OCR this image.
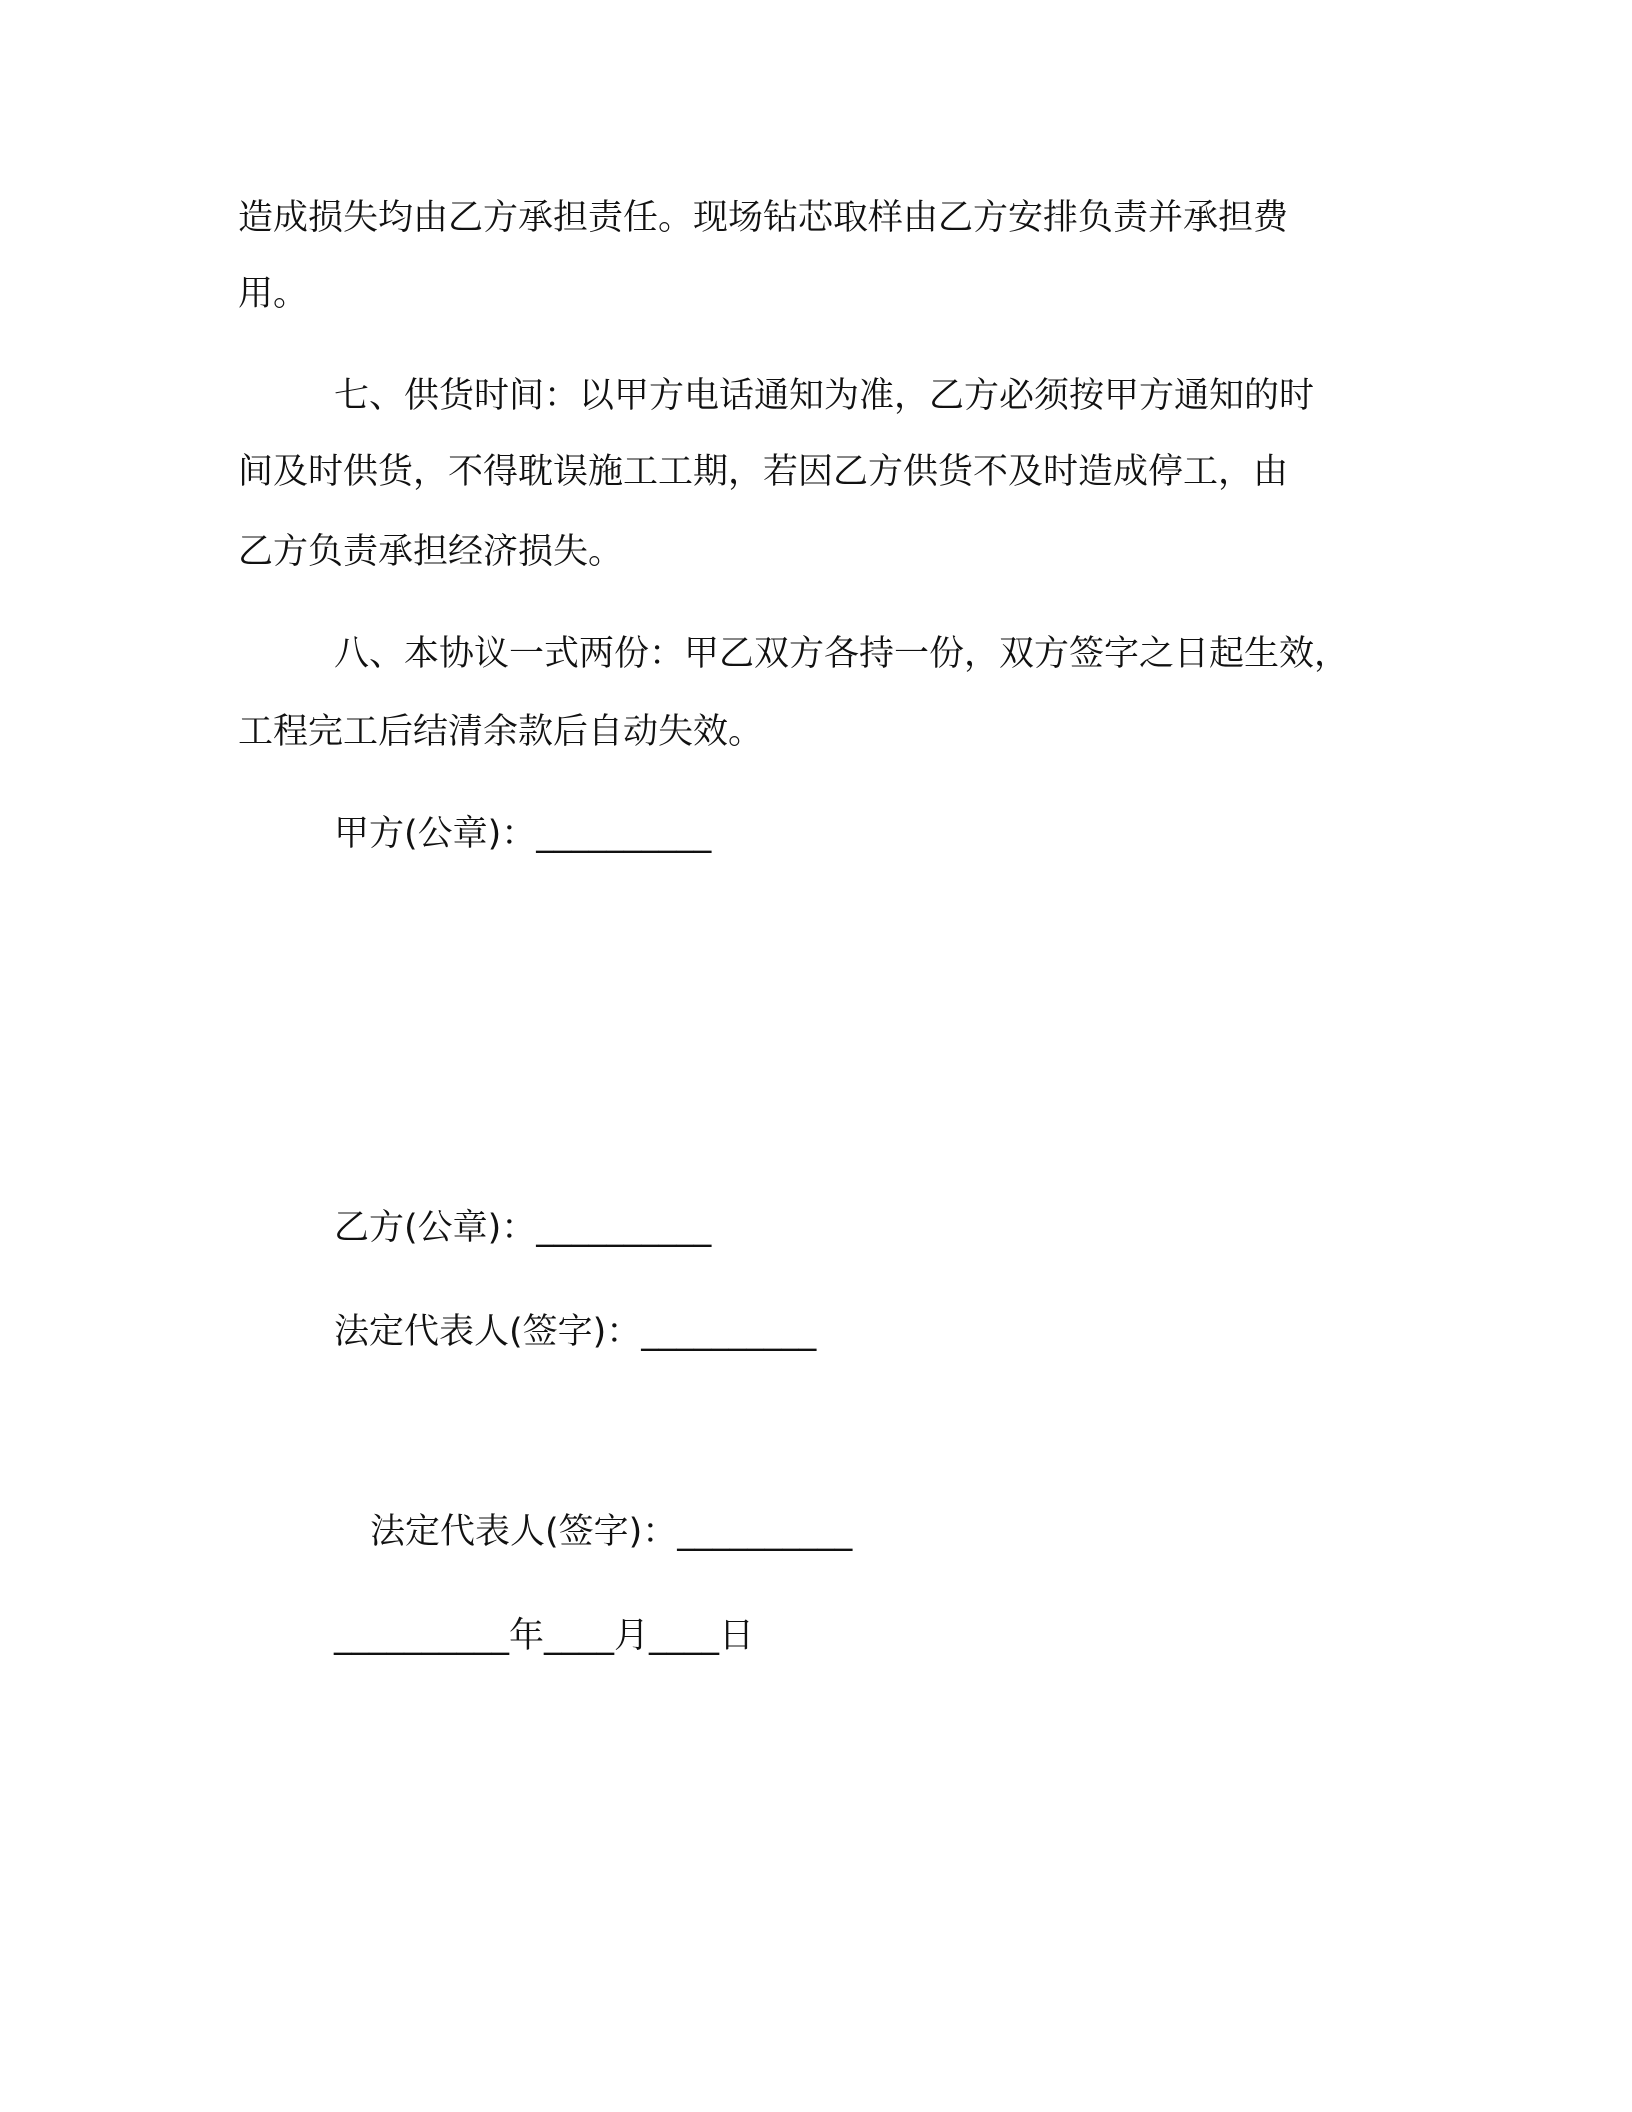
造成损失均由乙方承担责任。现场钻芯取样由乙方安排负责并承担费
用。
七、供货时间：以甲方电话通知为准，乙方必须按甲方通知的时
间及时供货，不得耽误施工工期，若因乙方供货不及时造成停工，由
乙方负责承担经济损失。
八、本协议一式两份：甲乙双方各持一份，双方签字之日起生效，
工程完工后结清余款后自动失效。
甲方(公章)：__________
乙方(公章)：__________
法定代表人(签字)：__________
法定代表人(签字)：__________
__________年____月____日
